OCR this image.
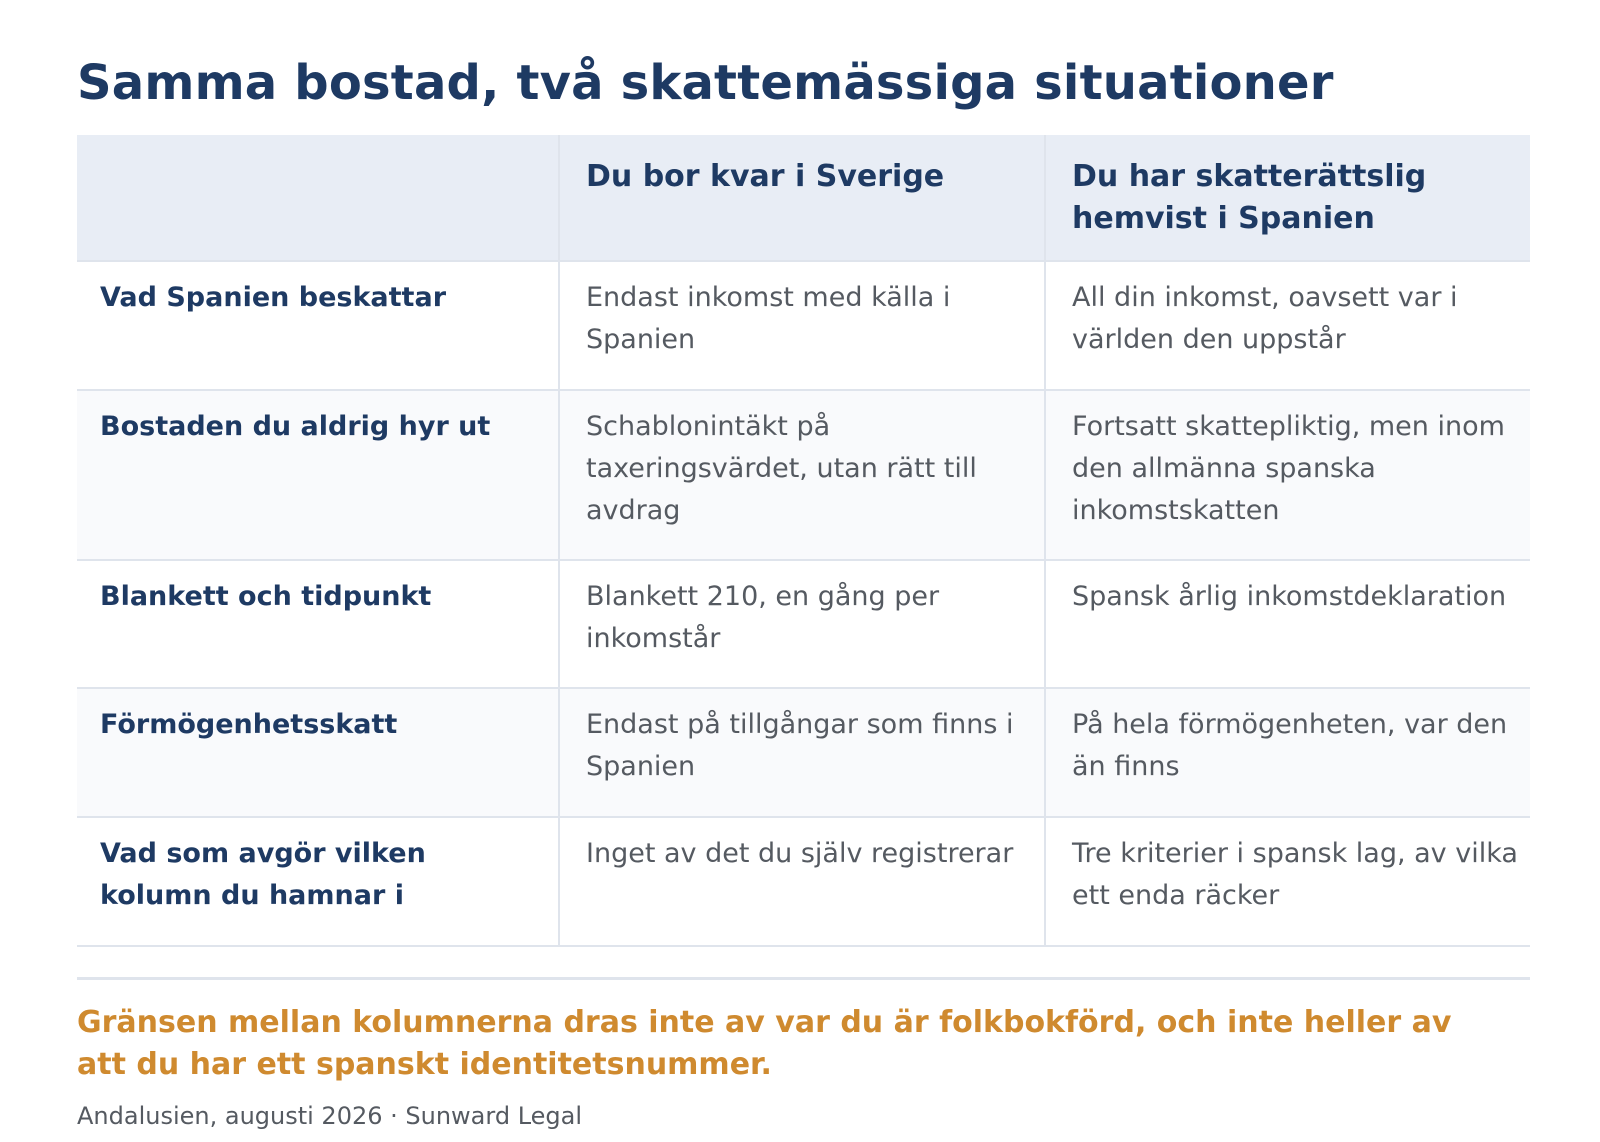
Samma bostad, två skattemässiga situationer
	Du bor kvar i Sverige	Du har skatterättslig hemvist i Spanien
Vad Spanien beskattar	Endast inkomst med källa i Spanien	All din inkomst, oavsett var i världen den uppstår
Bostaden du aldrig hyr ut	Schablonintäkt på taxeringsvärdet, utan rätt till avdrag	Fortsatt skattepliktig, men inom den allmänna spanska inkomstskatten
Blankett och tidpunkt	Blankett 210, en gång per inkomstår	Spansk årlig inkomstdeklaration
Förmögenhetsskatt	Endast på tillgångar som finns i Spanien	På hela förmögenheten, var den än finns
Vad som avgör vilken kolumn du hamnar i	Inget av det du själv registrerar	Tre kriterier i spansk lag, av vilka ett enda räcker

Gränsen mellan kolumnerna dras inte av var du är folkbokförd, och inte heller av att du har ett spanskt identitetsnummer.

Andalusien, augusti 2026 · Sunward Legal
